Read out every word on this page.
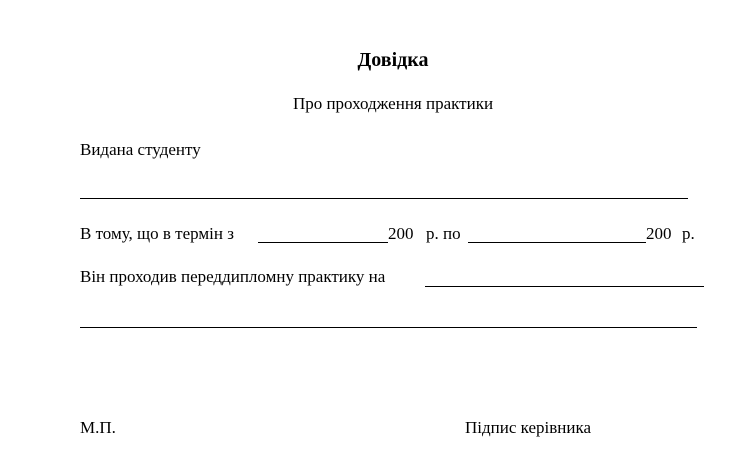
Довідка
Про проходження практики
Видана студенту
В тому, що в термін з	200 р. по	200 р.
Він проходив переддипломну практику на
М.П.	Підпис керівника
